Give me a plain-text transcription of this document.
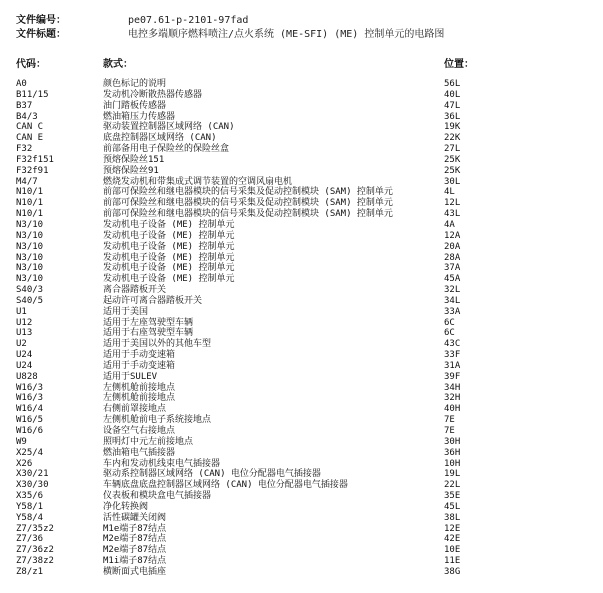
文件编号：	pe07.61-p-2101-97fad
文件标题：	电控多端顺序燃料喷注/点火系统 (ME-SFI) (ME) 控制单元的电路图
代码：	款式：	位置：
A0	颜色标记的说明	56L
B11/15	发动机冷断散热器传感器	40L
B37	油门踏板传感器	47L
B4/3	燃油箱压力传感器	36L
CAN C	驱动装置控制器区域网络 (CAN)	19K
CAN E	底盘控制器区域网络 (CAN)	22K
F32	前部备用电子保险丝的保险丝盒	27L
F32f151	预熔保险丝151	25K
F32f91	预熔保险丝91	25K
M4/7	燃烧发动机和带集成式调节装置的空调风扇电机	30L
N10/1	前部可保险丝和继电器模块的信号采集及促动控制模块 (SAM) 控制单元	4L
N10/1	前部可保险丝和继电器模块的信号采集及促动控制模块 (SAM) 控制单元	12L
N10/1	前部可保险丝和继电器模块的信号采集及促动控制模块 (SAM) 控制单元	43L
N3/10	发动机电子设备 (ME) 控制单元	4A
N3/10	发动机电子设备 (ME) 控制单元	12A
N3/10	发动机电子设备 (ME) 控制单元	20A
N3/10	发动机电子设备 (ME) 控制单元	28A
N3/10	发动机电子设备 (ME) 控制单元	37A
N3/10	发动机电子设备 (ME) 控制单元	45A
S40/3	离合器踏板开关	32L
S40/5	起动许可离合器踏板开关	34L
U1	适用于美国	33A
U12	适用于左座驾驶型车辆	6C
U13	适用于右座驾驶型车辆	6C
U2	适用于美国以外的其他车型	43C
U24	适用于手动变速箱	33F
U24	适用于手动变速箱	31A
U828	适用于SULEV	39F
W16/3	左侧机舱前接地点	34H
W16/3	左侧机舱前接地点	32H
W16/4	右侧前罩接地点	40H
W16/5	左侧机舱前电子系统接地点	7E
W16/6	设备空气右接地点	7E
W9	照明灯中元左前接地点	30H
X25/4	燃油箱电气插接器	36H
X26	车内和发动机线束电气插接器	10H
X30/21	驱动系控制器区域网络 (CAN) 电位分配器电气插接器	19L
X30/30	车辆底盘底盘控制器区域网络 (CAN) 电位分配器电气插接器	22L
X35/6	仪表板和模块盒电气插接器	35E
Y58/1	净化转换阀	45L
Y58/4	活性碳罐关闭阀	38L
Z7/35z2	M1e端子87结点	12E
Z7/36	M2e端子87结点	42E
Z7/36z2	M2e端子87结点	10E
Z7/38z2	M1i端子87结点	11E
Z8/z1	横断面式电插座	38G
